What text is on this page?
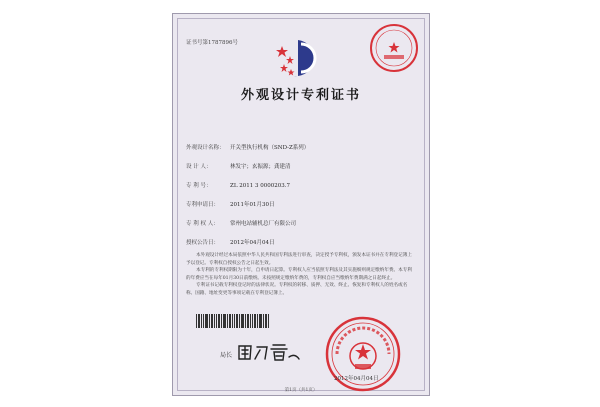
证书号第1787896号
外观设计专利证书
外观设计名称： 开关型执行机构（SND-Z系列）
设 计 人：	林发宇；玄振源；龚建清
专 利 号：	ZL 2011 3 0000203.7
专利申请日： 2011年01月30日
专 利 权 人： 常州电站辅机总厂有限公司
授权公告日： 2012年04月04日

本外观设计经过本局依照中华人民共和国专利法进行审查，决定授予专利权，颁发本证书并在专利登记簿上予以登记。专利权自授权公告之日起生效。

本专利的专利权期限为十年，自申请日起算。专利权人应当依照专利法及其实施细则规定缴纳年费。本专利的年费应当在每年01月30日前缴纳。未按照规定缴纳年费的，专利权自应当缴纳年费期满之日起终止。

专利证书记载专利权登记时的法律状况。专利权的转移、质押、无效、终止、恢复和专利权人的姓名或名称、国籍、地址变更等事项记载在专利登记簿上。

局长
2012年04月04日
第1页（共1页）
